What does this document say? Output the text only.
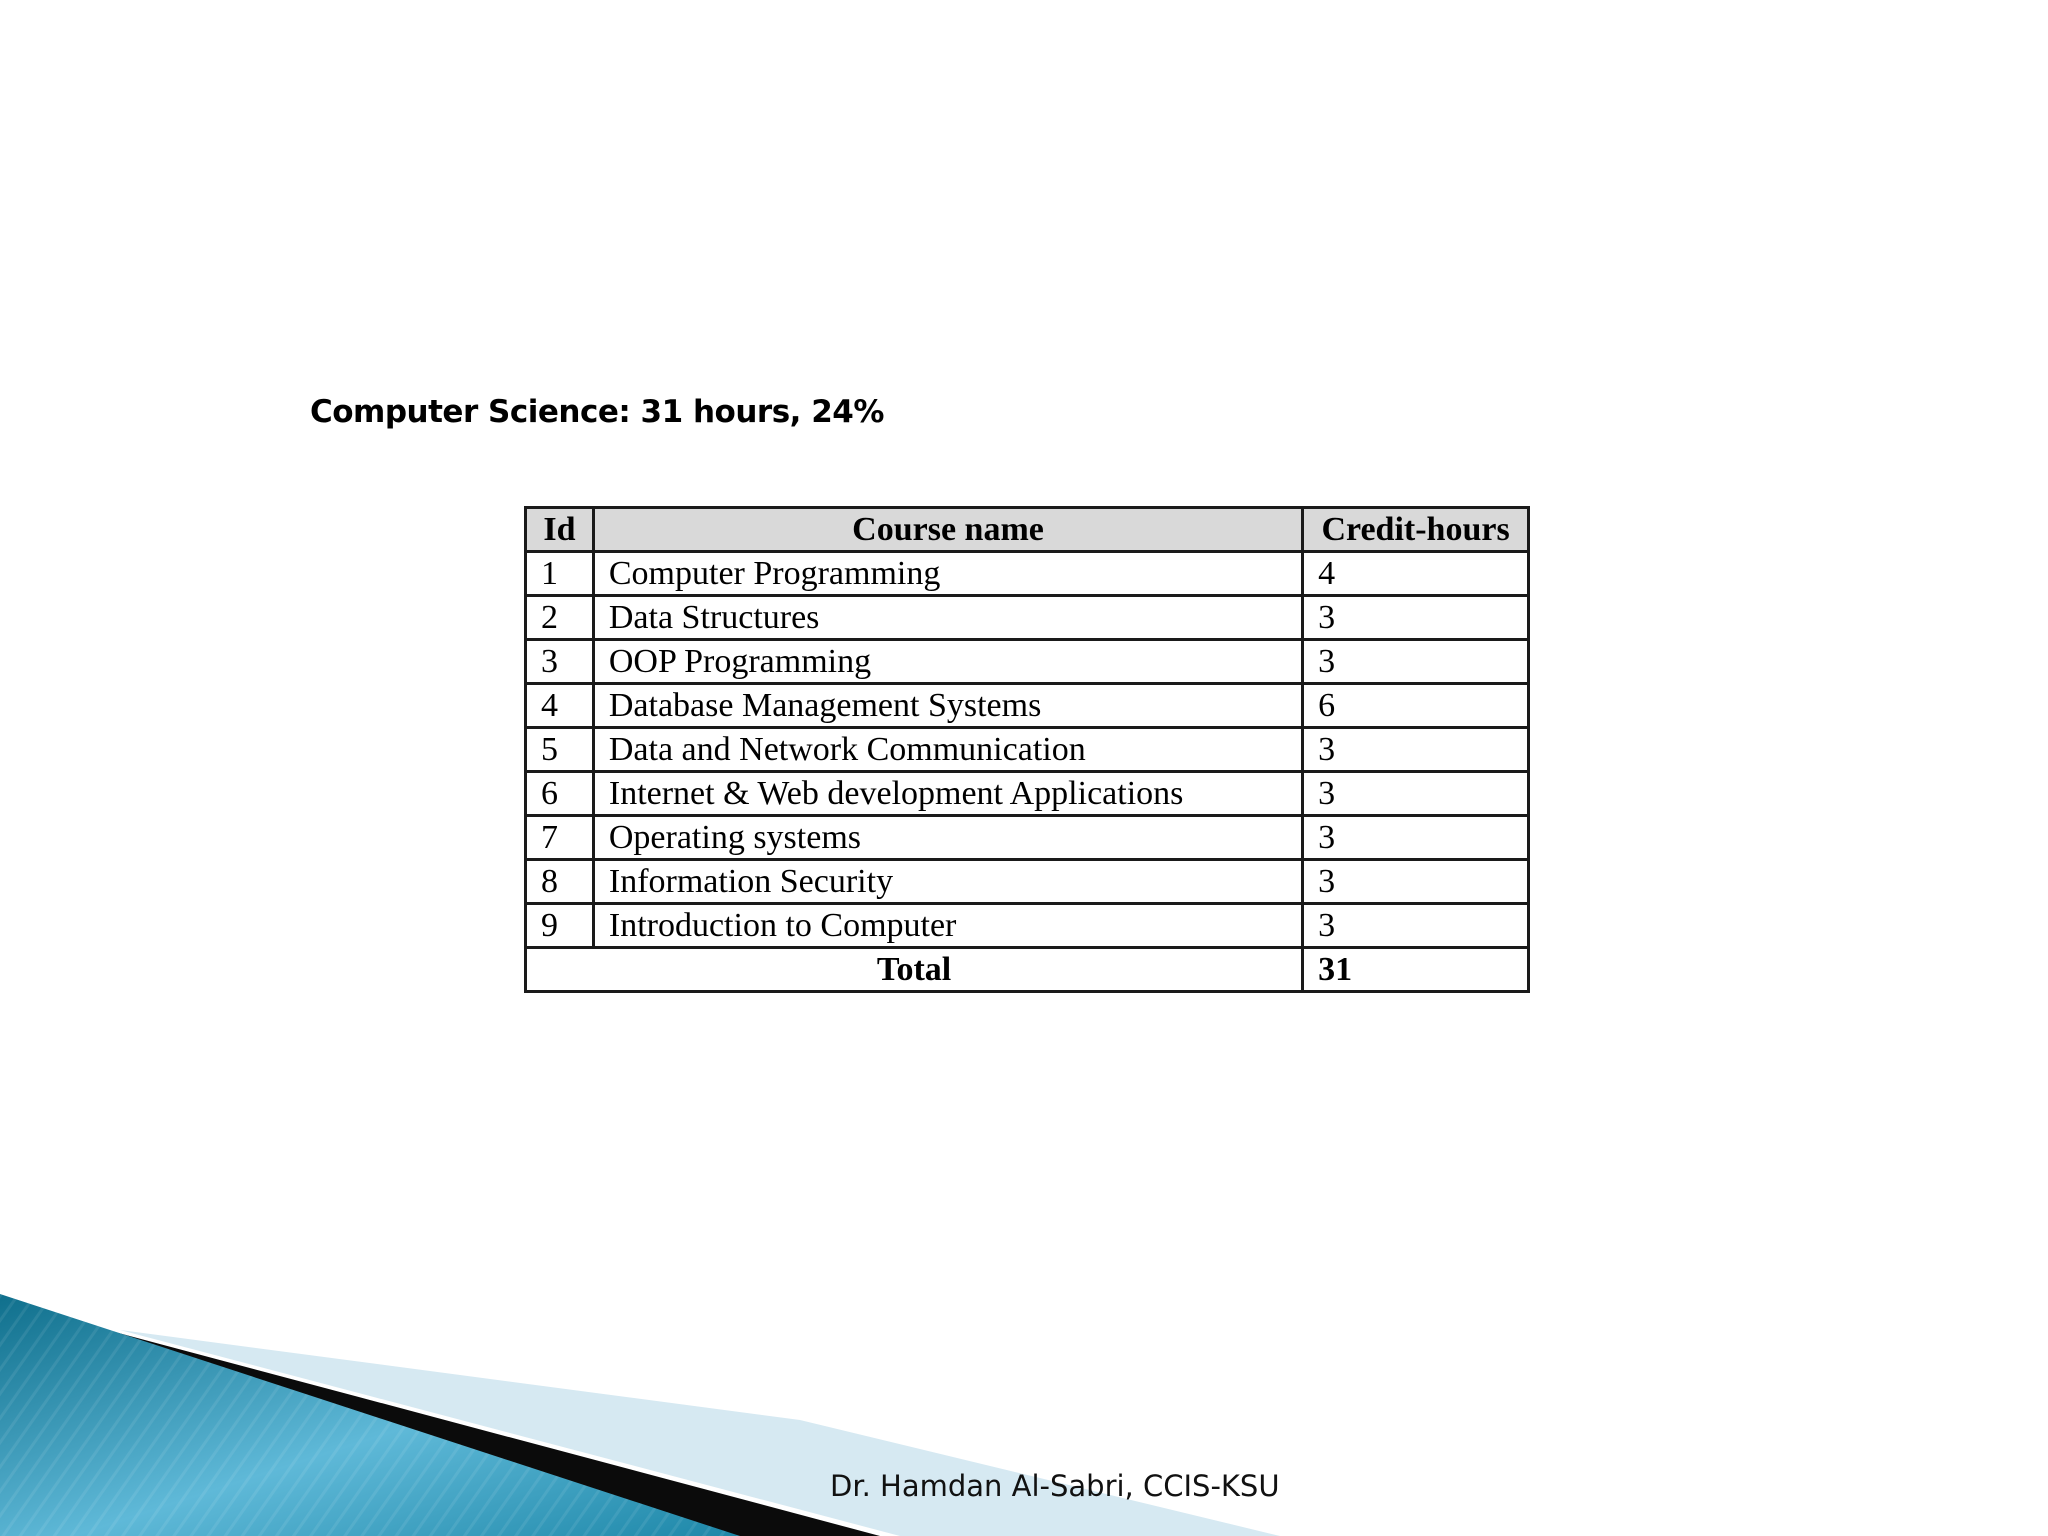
Computer Science: 31 hours, 24%
Id	Course name	Credit-hours
1	Computer Programming	4
2	Data Structures	3
3	OOP Programming	3
4	Database Management Systems	6
5	Data and Network Communication	3
6	Internet & Web development Applications	3
7	Operating systems	3
8	Information Security	3
9	Introduction to Computer	3
Total		31
Dr. Hamdan Al-Sabri, CCIS-KSU
